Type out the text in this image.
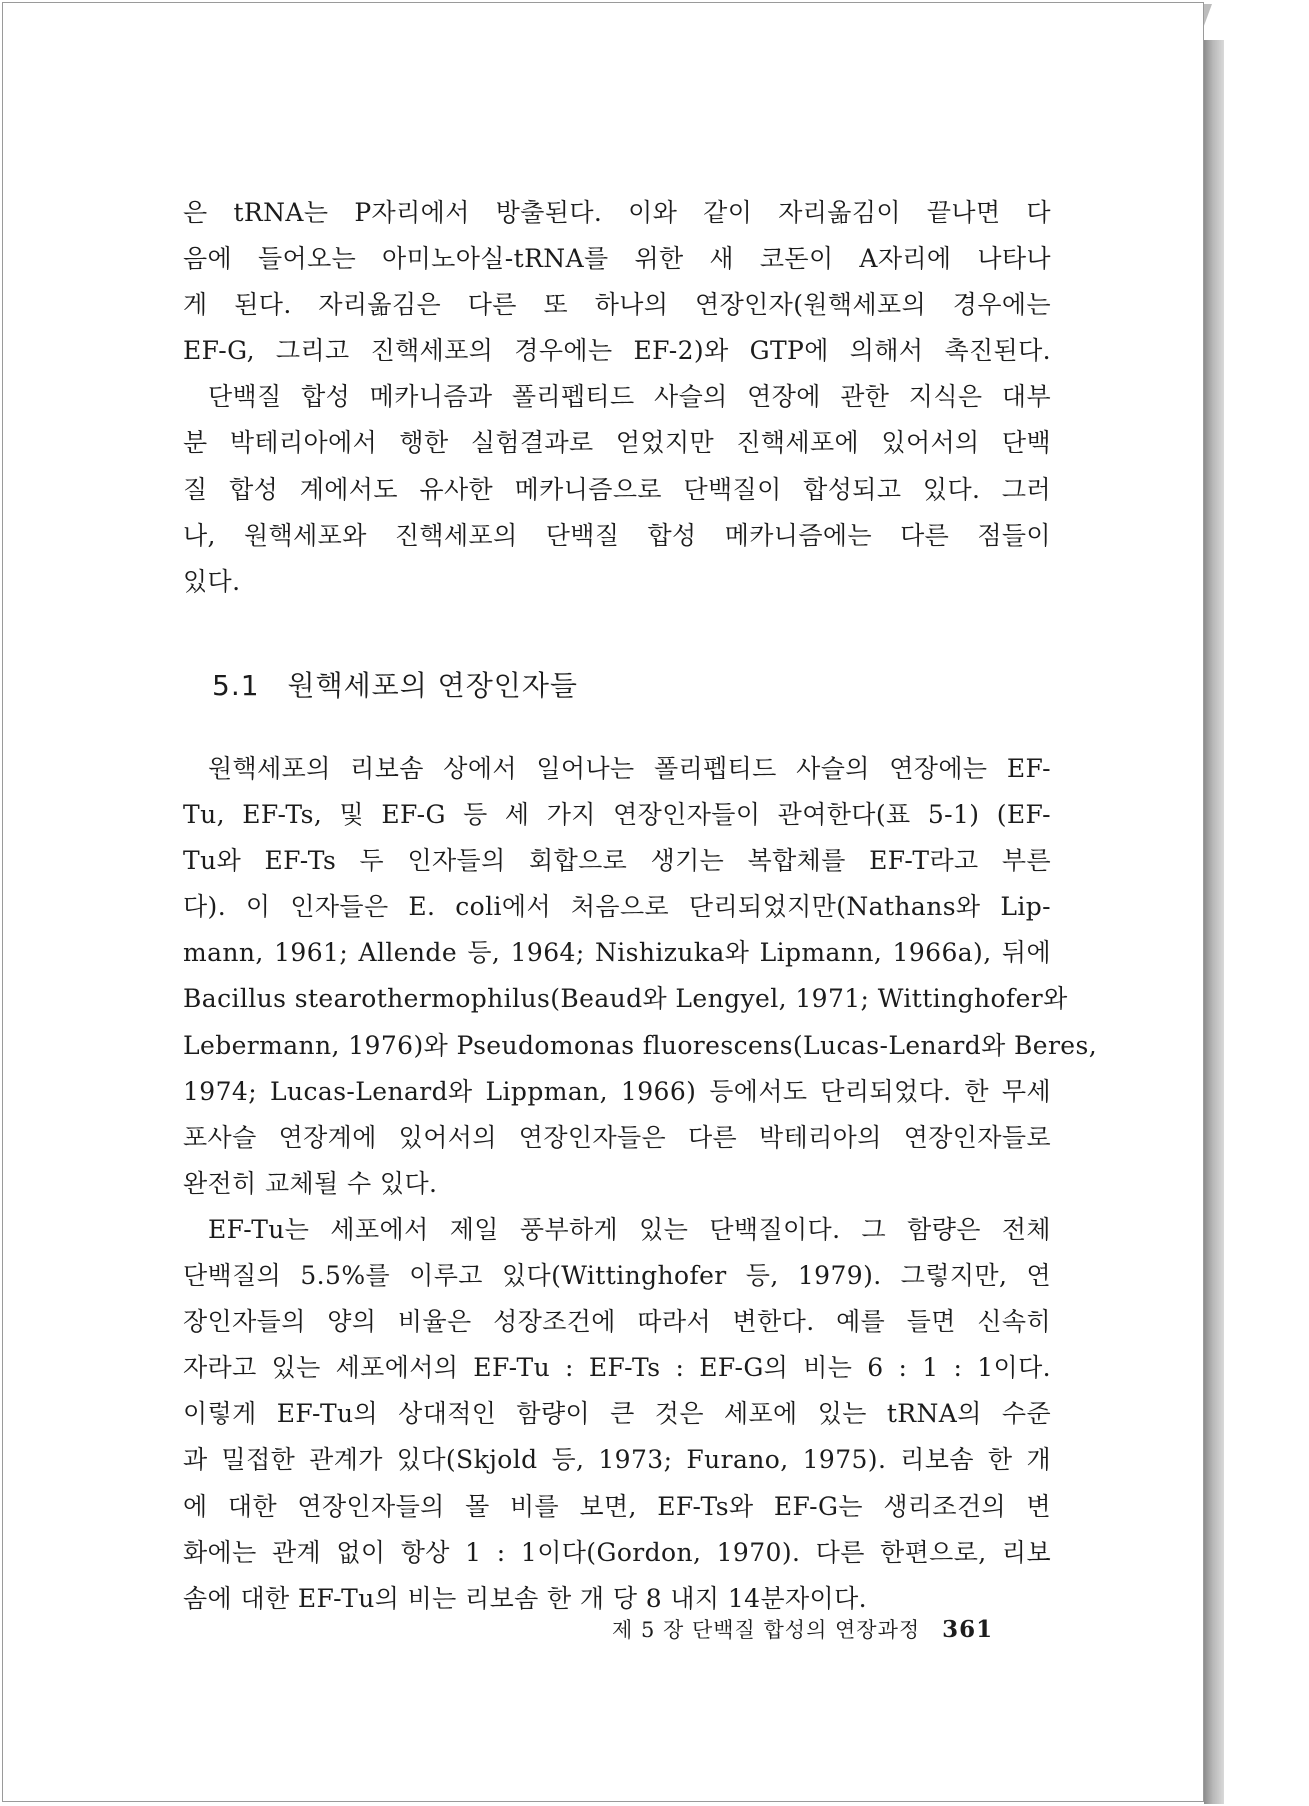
은 tRNA는 P자리에서 방출된다. 이와 같이 자리옮김이 끝나면 다
음에 들어오는 아미노아실-tRNA를 위한 새 코돈이 A자리에 나타나
게 된다. 자리옮김은 다른 또 하나의 연장인자(원핵세포의 경우에는
EF-G, 그리고 진핵세포의 경우에는 EF-2)와 GTP에 의해서 촉진된다.

단백질 합성 메카니즘과 폴리펩티드 사슬의 연장에 관한 지식은 대부
분 박테리아에서 행한 실험결과로 얻었지만 진핵세포에 있어서의 단백
질 합성 계에서도 유사한 메카니즘으로 단백질이 합성되고 있다. 그러
나, 원핵세포와 진핵세포의 단백질 합성 메카니즘에는 다른 점들이
있다.

5.1 원핵세포의 연장인자들

원핵세포의 리보솜 상에서 일어나는 폴리펩티드 사슬의 연장에는 EF-
Tu, EF-Ts, 및 EF-G 등 세 가지 연장인자들이 관여한다(표 5-1) (EF-
Tu와 EF-Ts 두 인자들의 회합으로 생기는 복합체를 EF-T라고 부른
다). 이 인자들은 E. coli에서 처음으로 단리되었지만(Nathans와 Lip-
mann, 1961; Allende 등, 1964; Nishizuka와 Lipmann, 1966a), 뒤에
Bacillus stearothermophilus(Beaud와 Lengyel, 1971; Wittinghofer와
Lebermann, 1976)와 Pseudomonas fluorescens(Lucas-Lenard와 Beres,
1974; Lucas-Lenard와 Lippman, 1966) 등에서도 단리되었다. 한 무세
포사슬 연장계에 있어서의 연장인자들은 다른 박테리아의 연장인자들로
완전히 교체될 수 있다.

EF-Tu는 세포에서 제일 풍부하게 있는 단백질이다. 그 함량은 전체
단백질의 5.5%를 이루고 있다(Wittinghofer 등, 1979). 그렇지만, 연
장인자들의 양의 비율은 성장조건에 따라서 변한다. 예를 들면 신속히
자라고 있는 세포에서의 EF-Tu : EF-Ts : EF-G의 비는 6 : 1 : 1이다.
이렇게 EF-Tu의 상대적인 함량이 큰 것은 세포에 있는 tRNA의 수준
과 밀접한 관계가 있다(Skjold 등, 1973; Furano, 1975). 리보솜 한 개
에 대한 연장인자들의 몰 비를 보면, EF-Ts와 EF-G는 생리조건의 변
화에는 관계 없이 항상 1 : 1이다(Gordon, 1970). 다른 한편으로, 리보
솜에 대한 EF-Tu의 비는 리보솜 한 개 당 8 내지 14분자이다.

제 5 장 단백질 합성의 연장과정 361
